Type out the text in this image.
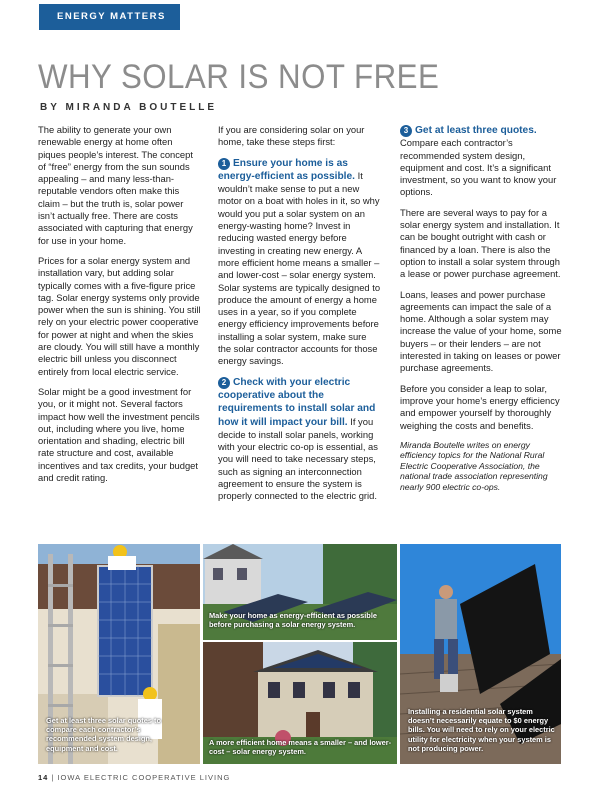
ENERGY MATTERS
WHY SOLAR IS NOT FREE
BY MIRANDA BOUTELLE

The ability to generate your own renewable energy at home often piques people’s interest. The concept of “free” energy from the sun sounds appealing – and many less-than-reputable vendors often make this claim – but the truth is, solar power isn’t actually free. There are costs associated with capturing that energy for use in your home.

Prices for a solar energy system and installation vary, but adding solar typically comes with a five-figure price tag. Solar energy systems only provide power when the sun is shining. You still rely on your electric power cooperative for power at night and when the skies are cloudy. You will still have a monthly electric bill unless you disconnect entirely from local electric service.

Solar might be a good investment for you, or it might not. Several factors impact how well the investment pencils out, including where you live, home orientation and shading, electric bill rate structure and cost, available incentives and tax credits, your budget and credit rating.

If you are considering solar on your home, take these steps first:

1 Ensure your home is as energy-efficient as possible. It wouldn’t make sense to put a new motor on a boat with holes in it, so why would you put a solar system on an energy-wasting home? Invest in reducing wasted energy before investing in creating new energy. A more efficient home means a smaller – and lower-cost – solar energy system. Solar systems are typically designed to produce the amount of energy a home uses in a year, so if you complete energy efficiency improvements before installing a solar system, make sure the solar contractor accounts for those energy savings.

2 Check with your electric cooperative about the requirements to install solar and how it will impact your bill. If you decide to install solar panels, working with your electric co-op is essential, as you will need to take necessary steps, such as signing an interconnection agreement to ensure the system is properly connected to the electric grid.

3 Get at least three quotes.
Compare each contractor’s recommended system design, equipment and cost. It’s a significant investment, so you want to know your options.

There are several ways to pay for a solar energy system and installation. It can be bought outright with cash or financed by a loan. There is also the option to install a solar system through a lease or power purchase agreement.

Loans, leases and power purchase agreements can impact the sale of a home. Although a solar system may increase the value of your home, some buyers – or their lenders – are not interested in taking on leases or power purchase agreements.

Before you consider a leap to solar, improve your home’s energy efficiency and empower yourself by thoroughly weighing the costs and benefits.

Miranda Boutelle writes on energy efficiency topics for the National Rural Electric Cooperative Association, the national trade association representing nearly 900 electric co-ops.

Get at least three solar quotes to compare each contractor’s recommended system design, equipment and cost.
Make your home as energy-efficient as possible before purchasing a solar energy system.
A more efficient home means a smaller – and lower-cost – solar energy system.
Installing a residential solar system doesn’t necessarily equate to $0 energy bills. You will need to rely on your electric utility for electricity when your system is not producing power.
14 | IOWA ELECTRIC COOPERATIVE LIVING
